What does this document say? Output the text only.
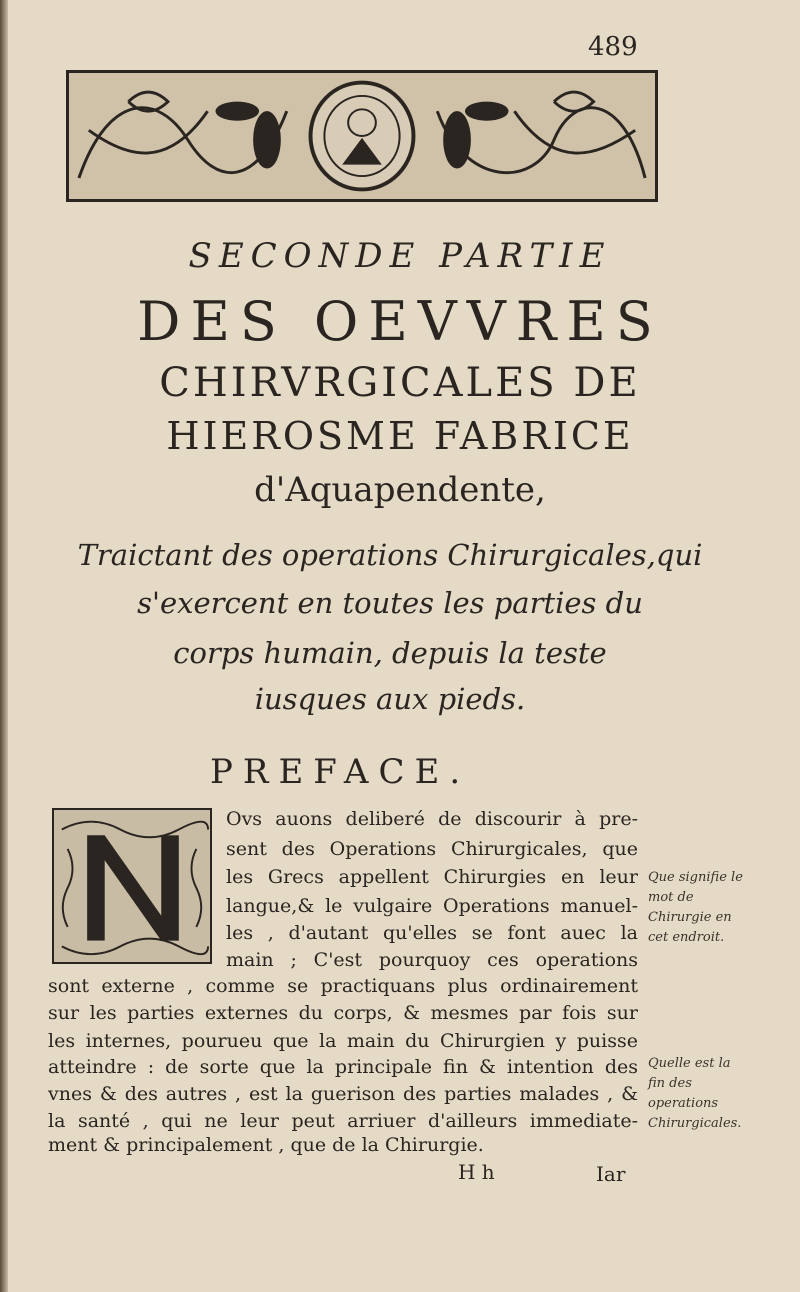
489
SECONDE PARTIE
DES OEVVRES
CHIRVRGICALES DE
HIEROSME FABRICE
d'Aquapendente,
Traictant des operations Chirurgicales,qui
s'exercent en toutes les parties du
corps humain, depuis la teste
iusques aux pieds.
PREFACE.
Ovs auons deliberé de discourir à pre-
sent des Operations Chirurgicales, que
les Grecs appellent Chirurgies en leur
langue,& le vulgaire Operations manuel-
les , d'autant qu'elles se font auec la
main ; C'est pourquoy ces operations
sont externe , comme se practiquans plus ordinairement
sur les parties externes du corps, & mesmes par fois sur
les internes, pourueu que la main du Chirurgien y puisse
atteindre : de sorte que la principale fin & intention des
vnes & des autres , est la guerison des parties malades , &
la santé , qui ne leur peut arriuer d'ailleurs immediate-
ment & principalement , que de la Chirurgie.
Que signifie le mot de Chirurgie en cet endroit.
Quelle est la fin des operations Chirurgicales.
H h	Iar
